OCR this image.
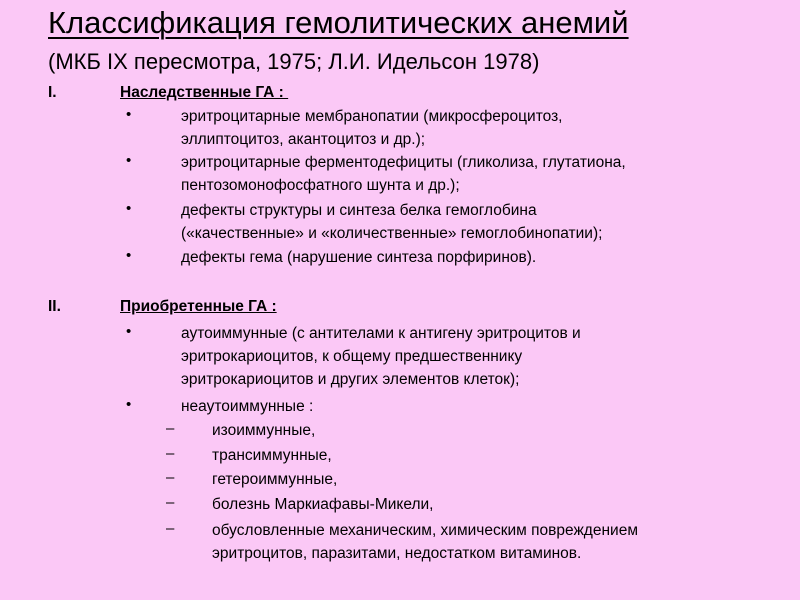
Классификация гемолитических анемий
(МКБ IX пересмотра, 1975; Л.И. Идельсон 1978)
I.	Наследственные ГА :
•	эритроцитарные мембранопатии (микросфероцитоз,
эллиптоцитоз, акантоцитоз и др.);
•	эритроцитарные ферментодефициты (гликолиза, глутатиона,
пентозомонофосфатного шунта и др.);
•	дефекты структуры и синтеза белка гемоглобина
(«качественные» и «количественные» гемоглобинопатии);
•	дефекты гема (нарушение синтеза порфиринов).
II.	Приобретенные ГА :
•	аутоиммунные (с антителами к антигену эритроцитов и
эритрокариоцитов, к общему предшественнику
эритрокариоцитов и других элементов клеток);
•	неаутоиммунные :
– изоиммунные,
– трансиммунные,
– гетероиммунные,
– болезнь Маркиафавы-Микели,
– обусловленные механическим, химическим повреждением
эритроцитов, паразитами, недостатком витаминов.
